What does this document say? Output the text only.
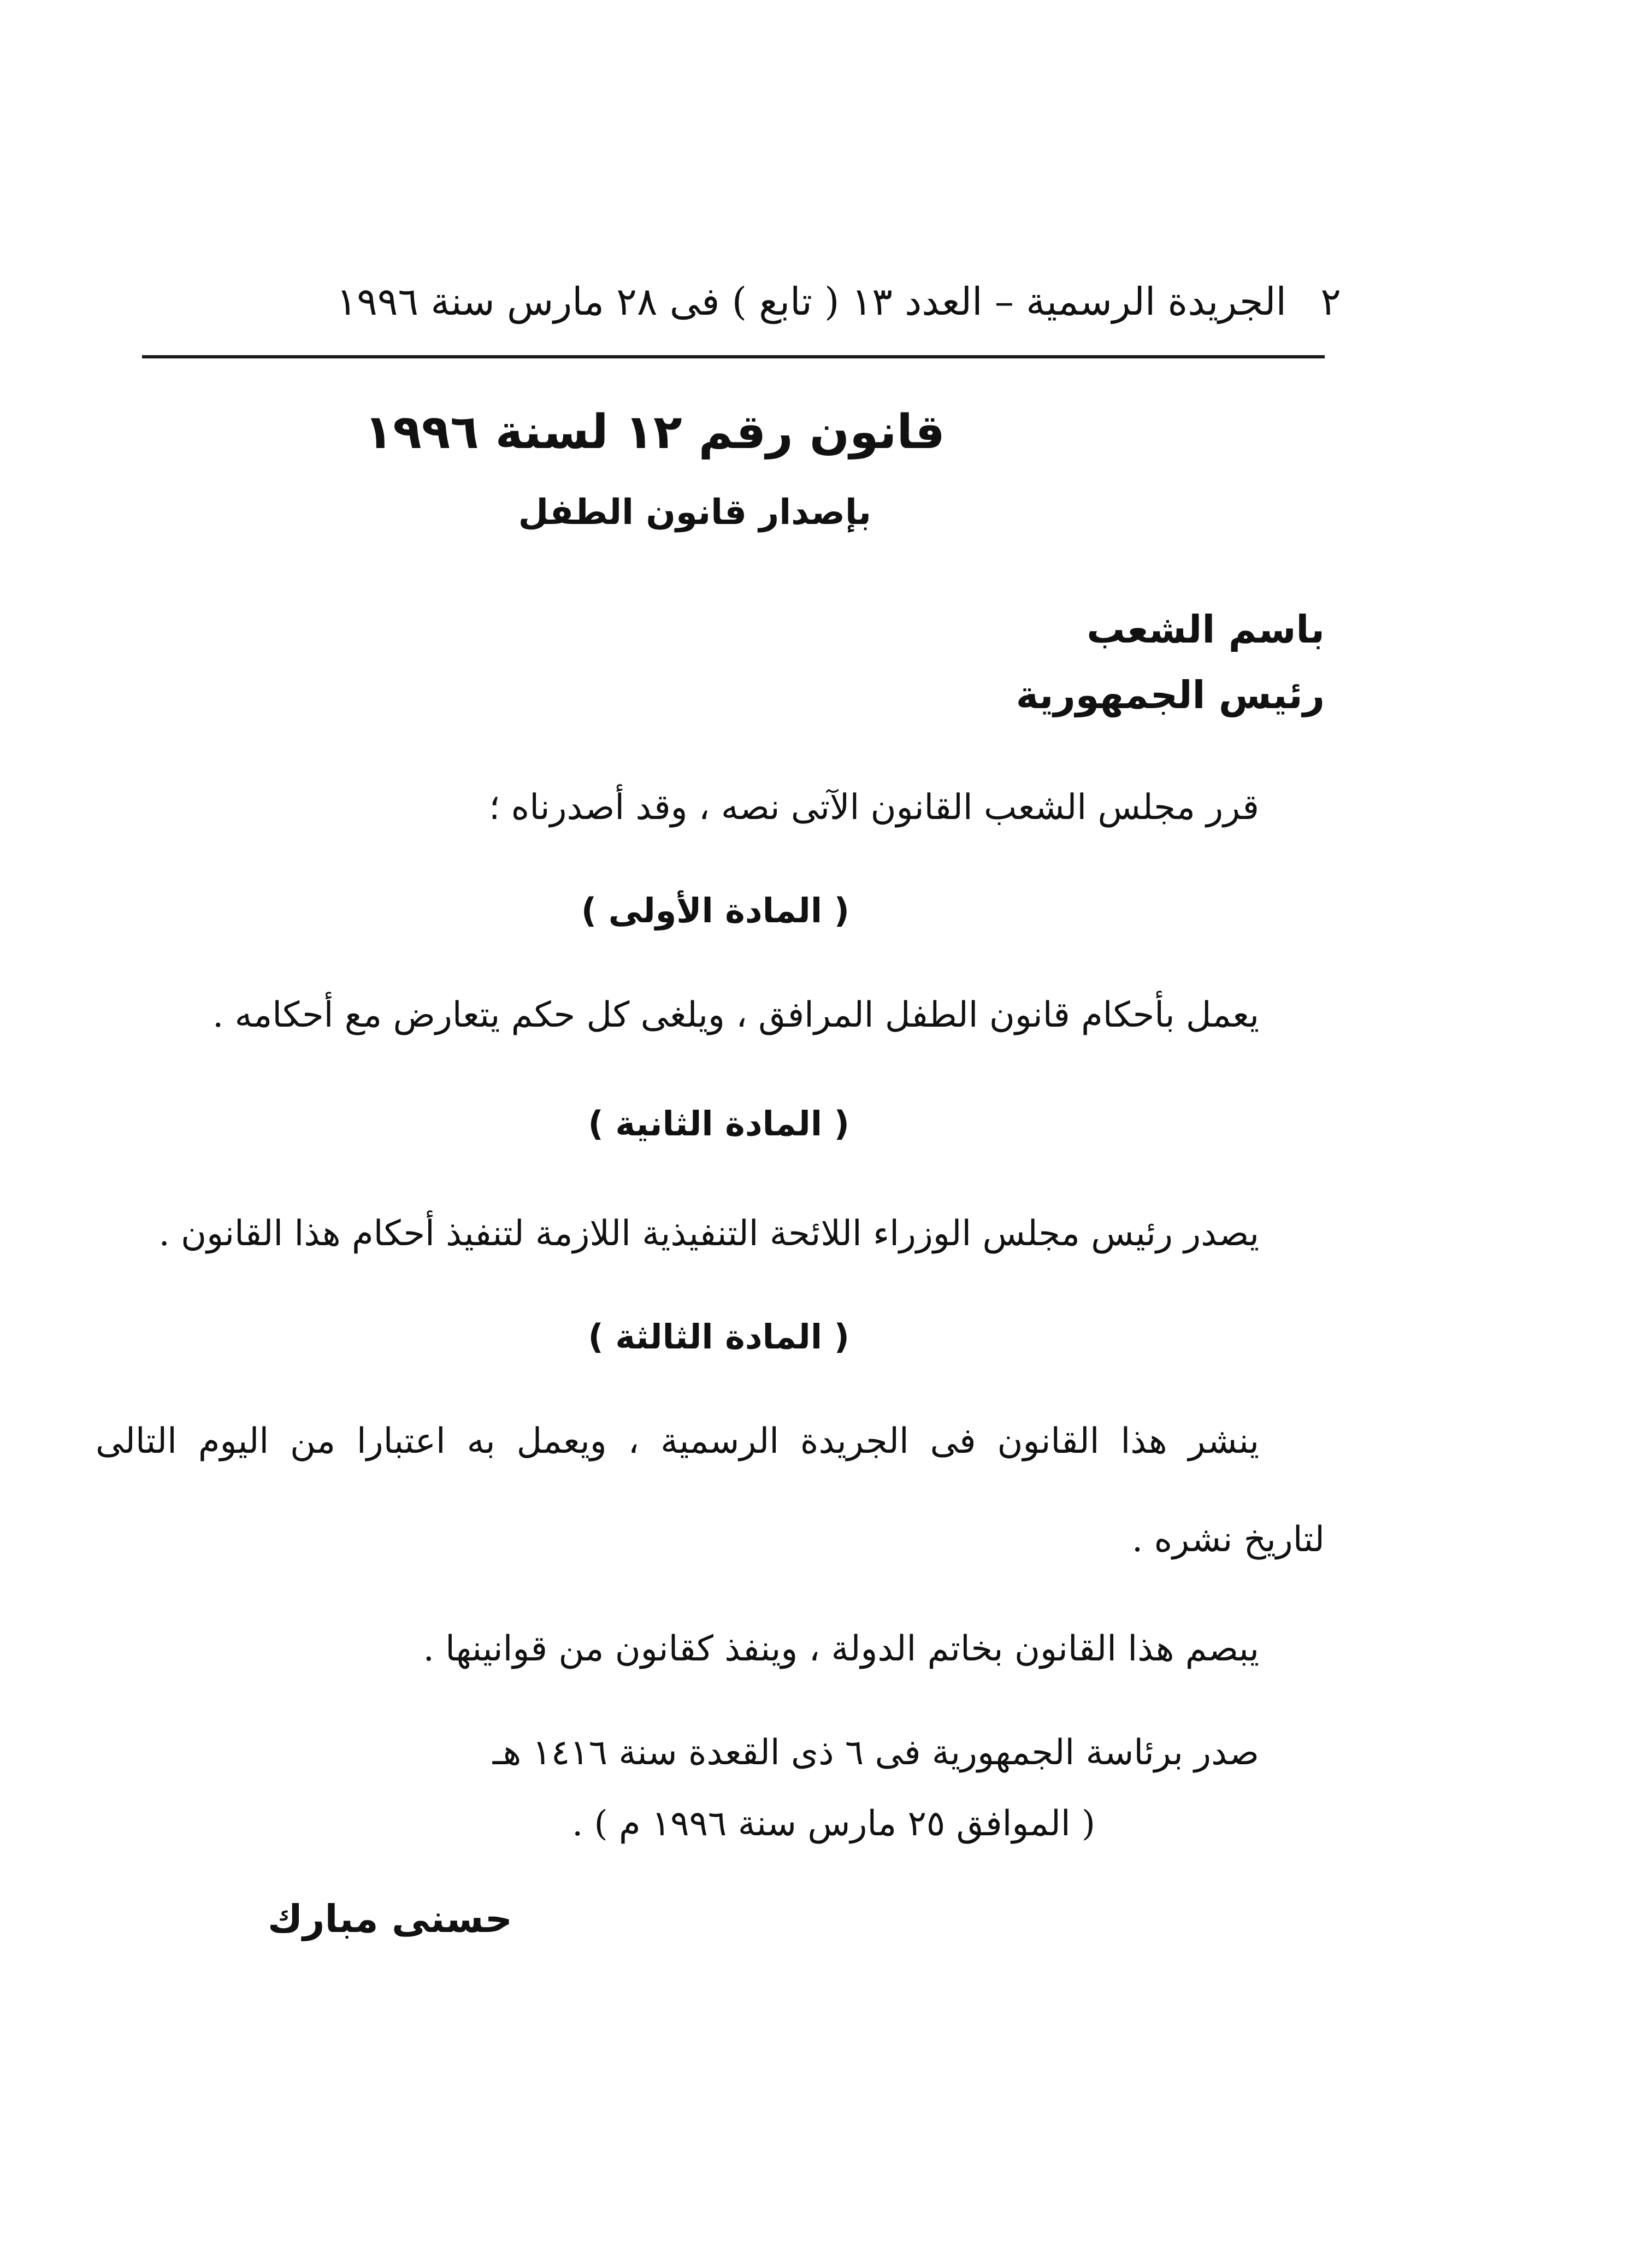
٢
الجريدة الرسمية – العدد ١٣ ( تابع ) فى ٢٨ مارس سنة ١٩٩٦
قانون رقم ١٢ لسنة ١٩٩٦
بإصدار قانون الطفل
باسم الشعب
رئيس الجمهورية
قرر مجلس الشعب القانون الآتى نصه ، وقد أصدرناه ؛
( المادة الأولى )
يعمل بأحكام قانون الطفل المرافق ، ويلغى كل حكم يتعارض مع أحكامه .
( المادة الثانية )
يصدر رئيس مجلس الوزراء اللائحة التنفيذية اللازمة لتنفيذ أحكام هذا القانون .
( المادة الثالثة )
ينشر هذا القانون فى الجريدة الرسمية ، ويعمل به اعتبارا من اليوم التالى
لتاريخ نشره .
يبصم هذا القانون بخاتم الدولة ، وينفذ كقانون من قوانينها .
صدر برئاسة الجمهورية فى ٦ ذى القعدة سنة ١٤١٦ هـ
( الموافق ٢٥ مارس سنة ١٩٩٦ م ) .
حسنى مبارك
